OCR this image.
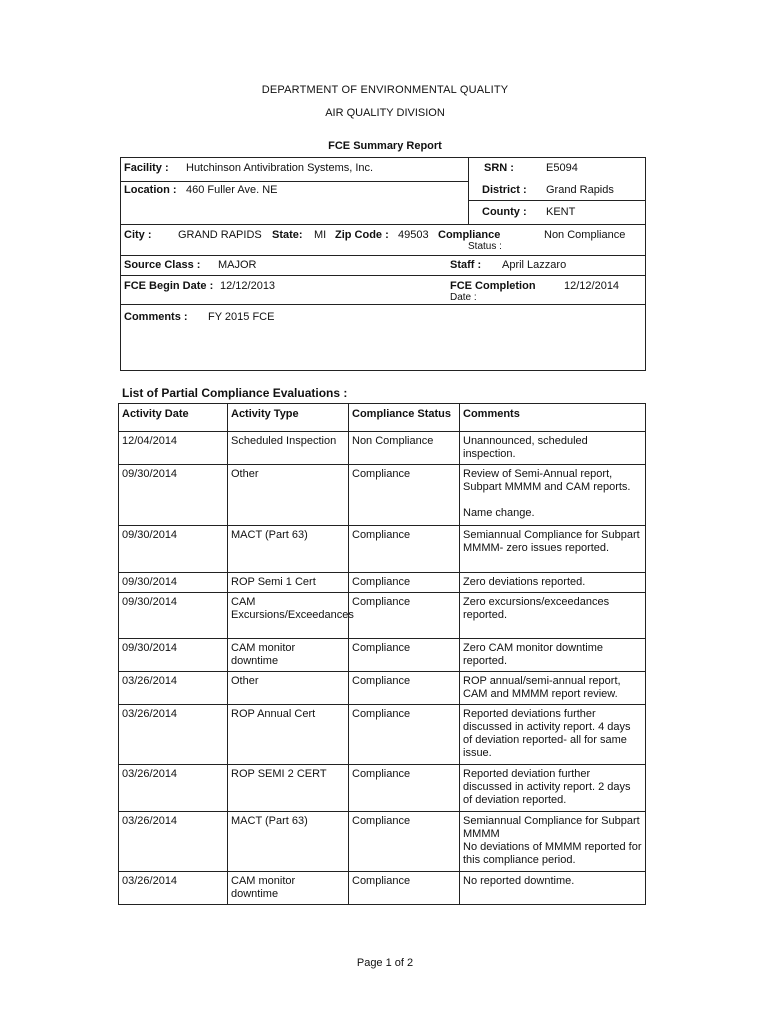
DEPARTMENT OF ENVIRONMENTAL QUALITY
AIR QUALITY DIVISION
FCE Summary Report
Facility : Hutchinson Antivibration Systems, Inc.	SRN :	E5094
Location : 460 Fuller Ave. NE	District : Grand Rapids
County : KENT
City : GRAND RAPIDS State: MI Zip Code : 49503 Compliance
Status :
Non Compliance
Source Class : MAJOR	Staff : April Lazzaro
FCE Begin Date : 12/12/2013	FCE Completion
Date :
12/12/2014
Comments : FY 2015 FCE
List of Partial Compliance Evaluations :
Activity Date	Activity Type	Compliance Status	Comments
12/04/2014	Scheduled Inspection	Non Compliance	Unannounced, scheduled inspection.
09/30/2014	Other	Compliance	Review of Semi-Annual report, Subpart MMMM and CAM reports.

Name change.
09/30/2014	MACT (Part 63)	Compliance	Semiannual Compliance for Subpart MMMM- zero issues reported.
09/30/2014	ROP Semi 1 Cert	Compliance	Zero deviations reported.
09/30/2014	CAM Excursions/Exceedances	Compliance	Zero excursions/exceedances reported.
09/30/2014	CAM monitor downtime	Compliance	Zero CAM monitor downtime reported.
03/26/2014	Other	Compliance	ROP annual/semi-annual report, CAM and MMMM report review.
03/26/2014	ROP Annual Cert	Compliance	Reported deviations further discussed in activity report. 4 days of deviation reported- all for same issue.
03/26/2014	ROP SEMI 2 CERT	Compliance	Reported deviation further discussed in activity report. 2 days of deviation reported.
03/26/2014	MACT (Part 63)	Compliance	Semiannual Compliance for Subpart MMMM
No deviations of MMMM reported for this compliance period.
03/26/2014	CAM monitor downtime	Compliance	No reported downtime.
Page 1 of 2
